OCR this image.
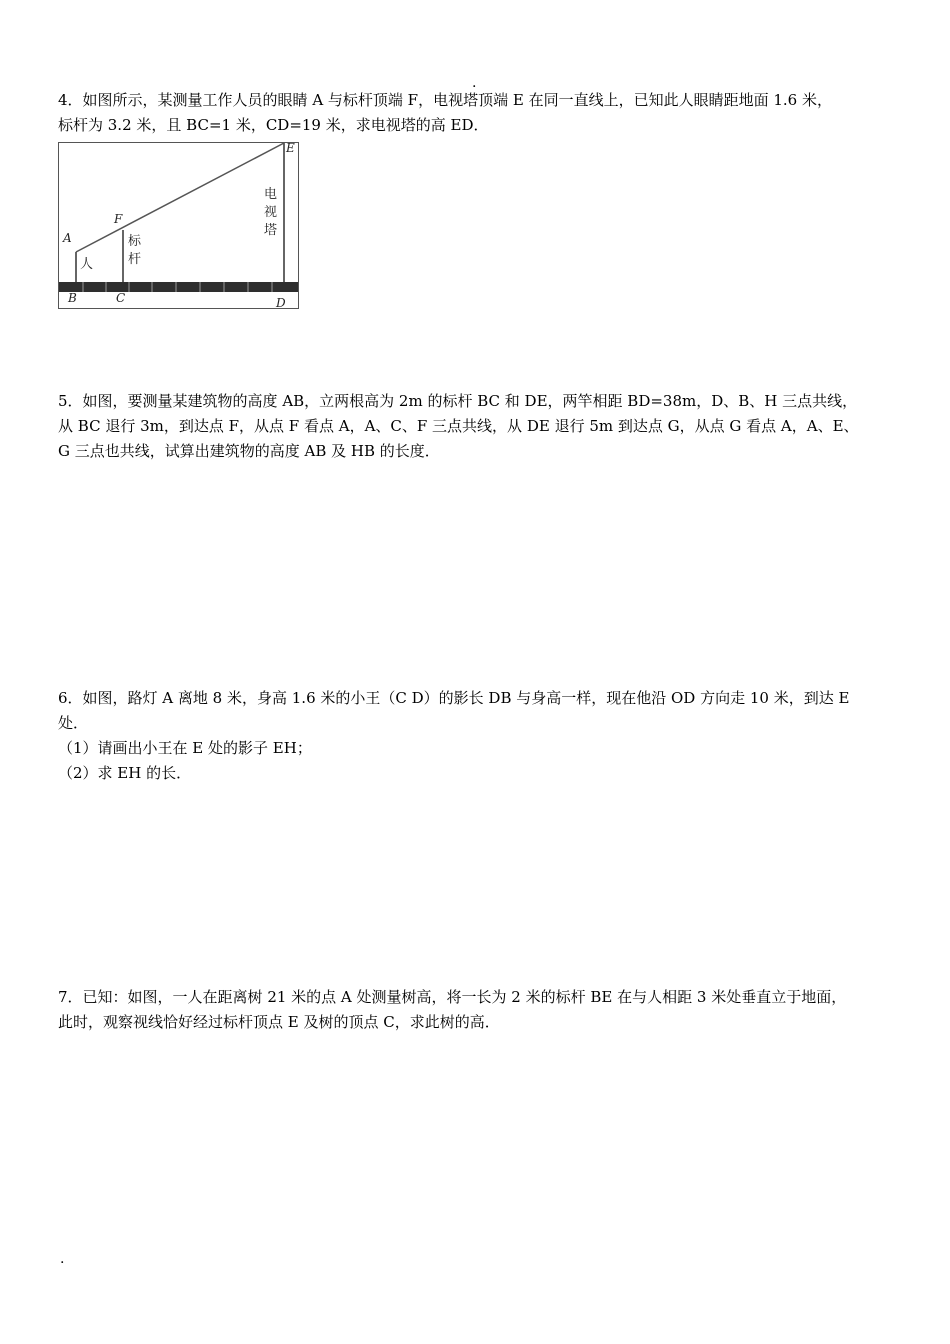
.

4．如图所示，某测量工作人员的眼睛 A 与标杆顶端 F，电视塔顶端 E 在同一直线上，已知此人眼睛距地面 1.6 米，

标杆为 3.2 米，且 BC=1 米，CD=19 米，求电视塔的高 ED．

A
F
E
B	C	D
人
标
杆
电
视
塔

5．如图，要测量某建筑物的高度 AB，立两根高为 2m 的标杆 BC 和 DE，两竿相距 BD=38m，D、B、H 三点共线，

从 BC 退行 3m，到达点 F，从点 F 看点 A，A、C、F 三点共线，从 DE 退行 5m 到达点 G，从点 G 看点 A，A、E、

G 三点也共线，试算出建筑物的高度 AB 及 HB 的长度．

6．如图，路灯 A 离地 8 米，身高 1.6 米的小王（C D）的影长 DB 与身高一样，现在他沿 OD 方向走 10 米，到达 E

处．

（1）请画出小王在 E 处的影子 EH；

（2）求 EH 的长．

7．已知：如图，一人在距离树 21 米的点 A 处测量树高，将一长为 2 米的标杆 BE 在与人相距 3 米处垂直立于地面，

此时，观察视线恰好经过标杆顶点 E 及树的顶点 C，求此树的高．

.
